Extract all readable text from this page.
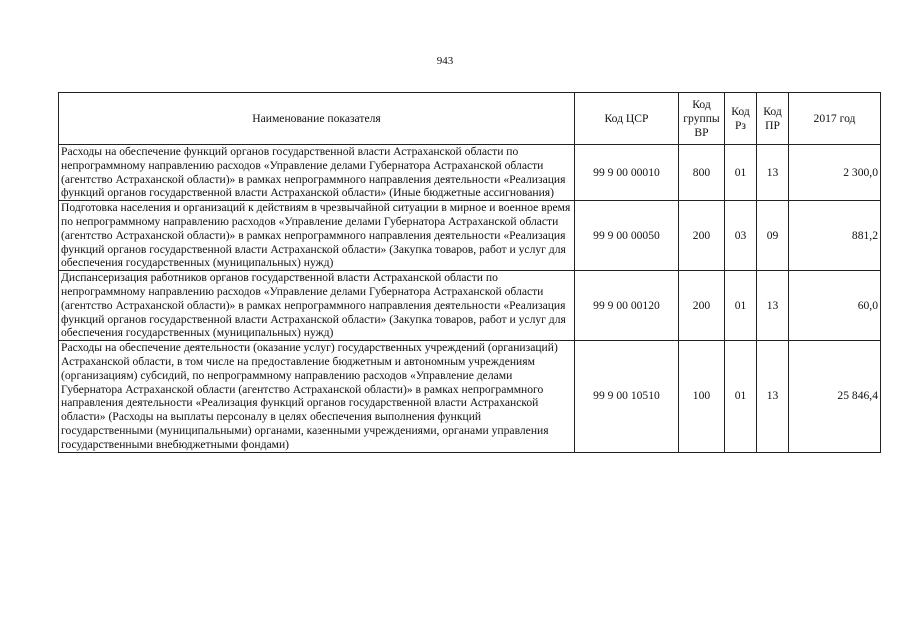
943
Наименование показателя	Код ЦСР	Код группы ВР	Код Рз	Код ПР	2017 год
Расходы на обеспечение функций органов государственной власти Астраханской области по непрограммному направлению расходов «Управление делами Губернатора Астраханской области (агентство Астраханской области)» в рамках непрограммного направления деятельности «Реализация функций органов государственной власти Астраханской области» (Иные бюджетные ассигнования)	99 9 00 00010	800	01	13	2 300,0
Подготовка населения и организаций к действиям в чрезвычайной ситуации в мирное и военное время по непрограммному направлению расходов «Управление делами Губернатора Астраханской области (агентство Астраханской области)» в рамках непрограммного направления деятельности «Реализация функций органов государственной власти Астраханской области» (Закупка товаров, работ и услуг для обеспечения государственных (муниципальных) нужд)	99 9 00 00050	200	03	09	881,2
Диспансеризация работников органов государственной власти Астраханской области по непрограммному направлению расходов «Управление делами Губернатора Астраханской области (агентство Астраханской области)» в рамках непрограммного направления деятельности «Реализация функций органов государственной власти Астраханской области» (Закупка товаров, работ и услуг для обеспечения государственных (муниципальных) нужд)	99 9 00 00120	200	01	13	60,0
Расходы на обеспечение деятельности (оказание услуг) государственных учреждений (организаций) Астраханской области, в том числе на предоставление бюджетным и автономным учреждениям (организациям) субсидий, по непрограммному направлению расходов «Управление делами Губернатора Астраханской области (агентство Астраханской области)» в рамках непрограммного направления деятельности «Реализация функций органов государственной власти Астраханской области» (Расходы на выплаты персоналу в целях обеспечения выполнения функций государственными (муниципальными) органами, казенными учреждениями, органами управления государственными внебюджетными фондами)	99 9 00 10510	100	01	13	25 846,4
